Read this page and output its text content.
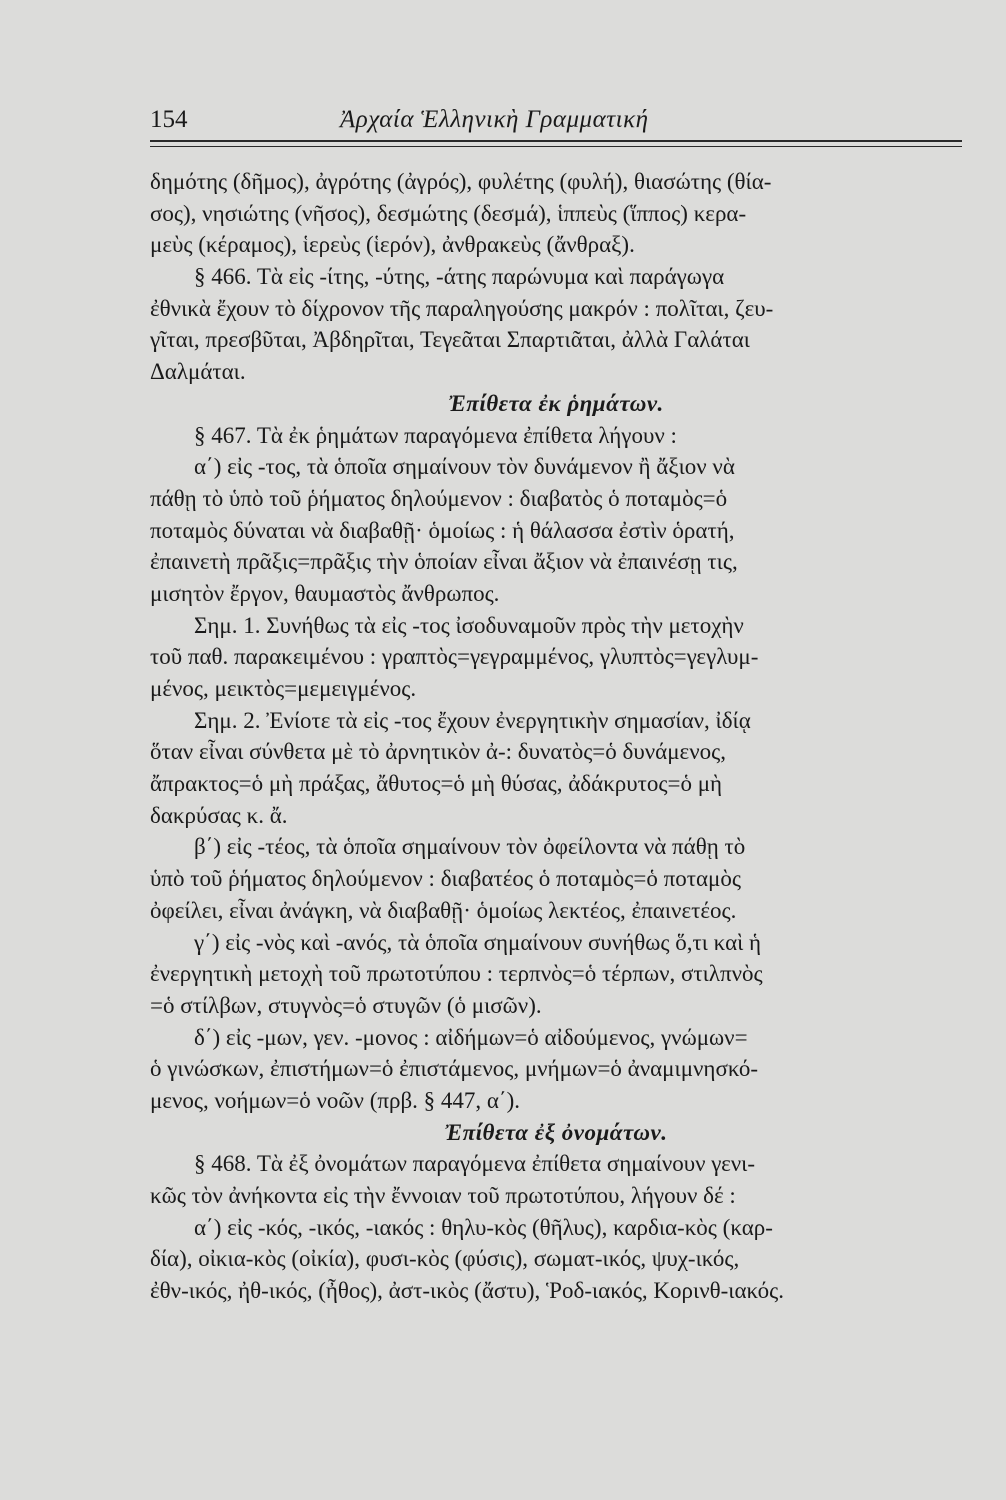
154	Ἀρχαία Ἑλληνικὴ Γραμματική
δημότης (δῆμος), ἀγρότης (ἀγρός), φυλέτης (φυλή), θιασώτης (θία-
σος), νησιώτης (νῆσος), δεσμώτης (δεσμά), ἱππεὺς (ἵππος) κερα-
μεὺς (κέραμος), ἱερεὺς (ἱερόν), ἀνθρακεὺς (ἄνθραξ).
§ 466. Τὰ εἰς -ίτης, -ύτης, -άτης παρώνυμα καὶ παράγωγα
ἐθνικὰ ἔχουν τὸ δίχρονον τῆς παραληγούσης μακρόν : πολῖται, ζευ-
γῖται, πρεσβῦται, Ἀβδηρῖται, Τεγεᾶται Σπαρτιᾶται, ἀλλὰ Γαλάται
Δαλμάται.
Ἐπίθετα ἐκ ῥημάτων.
§ 467. Τὰ ἐκ ῥημάτων παραγόμενα ἐπίθετα λήγουν :
α΄) εἰς -τος, τὰ ὁποῖα σημαίνουν τὸν δυνάμενον ἢ ἄξιον νὰ
πάθῃ τὸ ὑπὸ τοῦ ῥήματος δηλούμενον : διαβατὸς ὁ ποταμὸς=ὁ
ποταμὸς δύναται νὰ διαβαθῇ· ὁμοίως : ἡ θάλασσα ἐστὶν ὁρατή,
ἐπαινετὴ πρᾶξις=πρᾶξις τὴν ὁποίαν εἶναι ἄξιον νὰ ἐπαινέσῃ τις,
μισητὸν ἔργον, θαυμαστὸς ἄνθρωπος.
Σημ. 1. Συνήθως τὰ εἰς -τος ἰσοδυναμοῦν πρὸς τὴν μετοχὴν
τοῦ παθ. παρακειμένου : γραπτὸς=γεγραμμένος, γλυπτὸς=γεγλυμ-
μένος, μεικτὸς=μεμειγμένος.
Σημ. 2. Ἐνίοτε τὰ εἰς -τος ἔχουν ἐνεργητικὴν σημασίαν, ἰδίᾳ
ὅταν εἶναι σύνθετα μὲ τὸ ἀρνητικὸν ἀ-: δυνατὸς=ὁ δυνάμενος,
ἄπρακτος=ὁ μὴ πράξας, ἄθυτος=ὁ μὴ θύσας, ἀδάκρυτος=ὁ μὴ
δακρύσας κ. ἄ.
β΄) εἰς -τέος, τὰ ὁποῖα σημαίνουν τὸν ὀφείλοντα νὰ πάθῃ τὸ
ὑπὸ τοῦ ῥήματος δηλούμενον : διαβατέος ὁ ποταμὸς=ὁ ποταμὸς
ὀφείλει, εἶναι ἀνάγκη, νὰ διαβαθῇ· ὁμοίως λεκτέος, ἐπαινετέος.
γ΄) εἰς -νὸς καὶ -ανός, τὰ ὁποῖα σημαίνουν συνήθως ὅ,τι καὶ ἡ
ἐνεργητικὴ μετοχὴ τοῦ πρωτοτύπου : τερπνὸς=ὁ τέρπων, στιλπνὸς
=ὁ στίλβων, στυγνὸς=ὁ στυγῶν (ὁ μισῶν).
δ΄) εἰς -μων, γεν. -μονος : αἰδήμων=ὁ αἰδούμενος, γνώμων=
ὁ γινώσκων, ἐπιστήμων=ὁ ἐπιστάμενος, μνήμων=ὁ ἀναμιμνησκό-
μενος, νοήμων=ὁ νοῶν (πρβ. § 447, α΄).
Ἐπίθετα ἐξ ὀνομάτων.
§ 468. Τὰ ἐξ ὀνομάτων παραγόμενα ἐπίθετα σημαίνουν γενι-
κῶς τὸν ἀνήκοντα εἰς τὴν ἔννοιαν τοῦ πρωτοτύπου, λήγουν δέ :
α΄) εἰς -κός, -ικός, -ιακός : θηλυ-κὸς (θῆλυς), καρδια-κὸς (καρ-
δία), οἰκια-κὸς (οἰκία), φυσι-κὸς (φύσις), σωματ-ικός, ψυχ-ικός,
ἐθν-ικός, ἠθ-ικός, (ἦθος), ἀστ-ικὸς (ἄστυ), Ῥοδ-ιακός, Κορινθ-ιακός.
